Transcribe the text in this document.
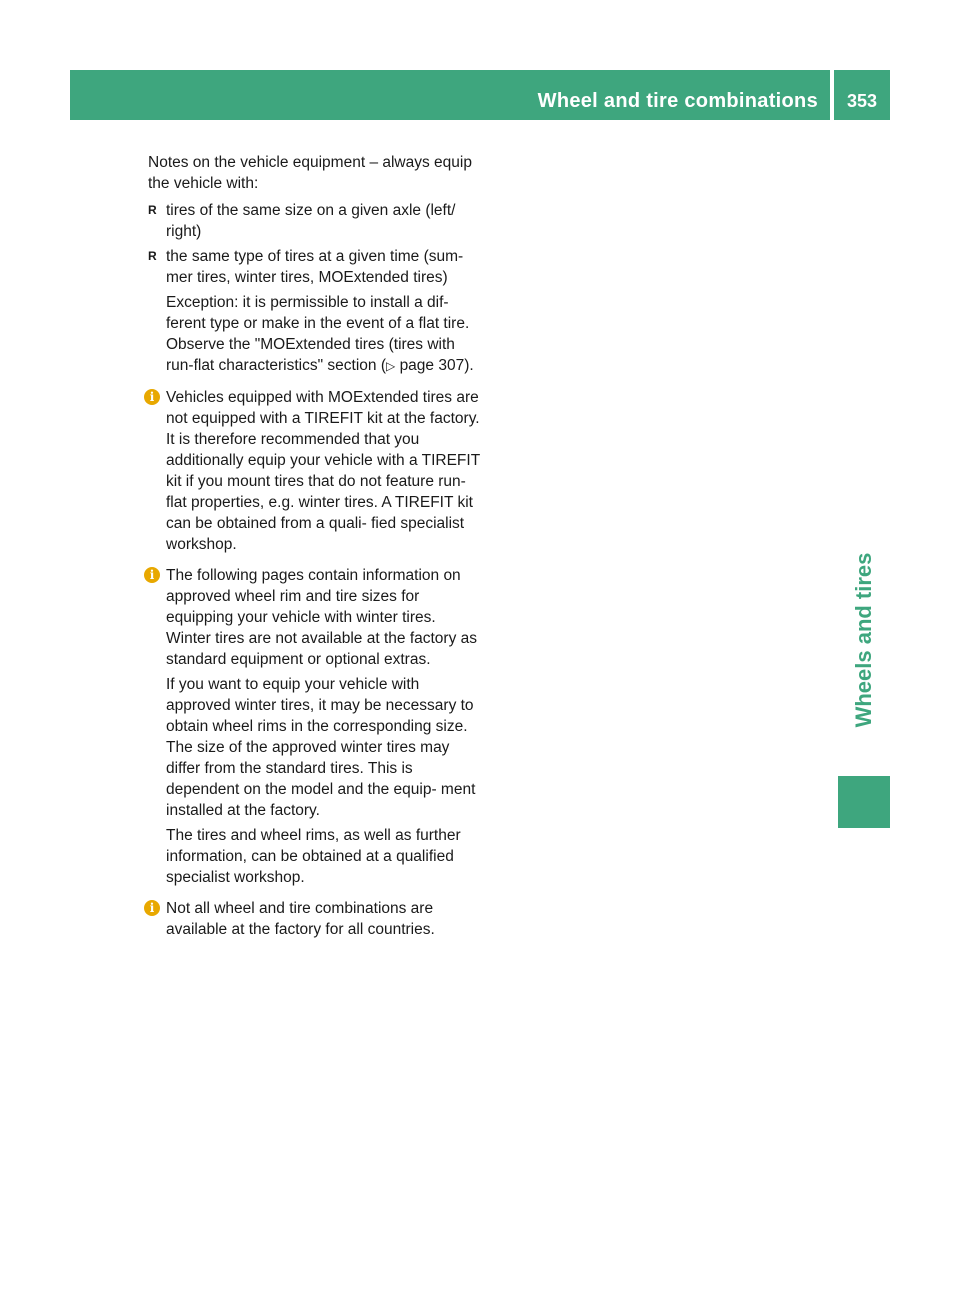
Wheel and tire combinations	353
Wheels and tires

Notes on the vehicle equipment – always equip the vehicle with:

R tires of the same size on a given axle (left/ right)

R the same type of tires at a given time (sum- mer tires, winter tires, MOExtended tires)

Exception: it is permissible to install a dif- ferent type or make in the event of a flat tire. Observe the "MOExtended tires (tires with run-flat characteristics" section (▷ page 307).

i Vehicles equipped with MOExtended tires are not equipped with a TIREFIT kit at the factory. It is therefore recommended that you additionally equip your vehicle with a TIREFIT kit if you mount tires that do not feature run-flat properties, e.g. winter tires. A TIREFIT kit can be obtained from a quali- fied specialist workshop.

i The following pages contain information on approved wheel rim and tire sizes for equipping your vehicle with winter tires. Winter tires are not available at the factory as standard equipment or optional extras.

If you want to equip your vehicle with approved winter tires, it may be necessary to obtain wheel rims in the corresponding size. The size of the approved winter tires may differ from the standard tires. This is dependent on the model and the equip- ment installed at the factory.

The tires and wheel rims, as well as further information, can be obtained at a qualified specialist workshop.

i Not all wheel and tire combinations are available at the factory for all countries.
